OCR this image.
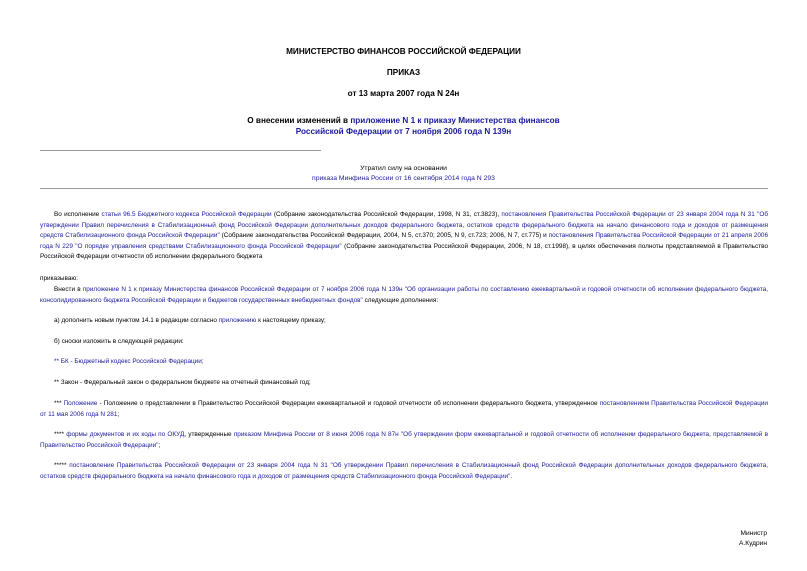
МИНИСТЕРСТВО ФИНАНСОВ РОССИЙСКОЙ ФЕДЕРАЦИИ
ПРИКАЗ
от 13 марта 2007 года N 24н
О внесении изменений в приложение N 1 к приказу Министерства финансов
Российской Федерации от 7 ноября 2006 года N 139н
Утратил силу на основании
приказа Минфина России от 16 сентября 2014 года N 293
Во исполнение статьи 96.5 Бюджетного кодекса Российской Федерации (Собрание законодательства Российской Федерации, 1998, N 31, ст.3823), постановления Правительства Российской Федерации от 23 января 2004 года N 31 "Об утверждении Правил перечисления в Стабилизационный фонд Российской Федерации дополнительных доходов федерального бюджета, остатков средств федерального бюджета на начало финансового года и доходов от размещения средств Стабилизационного фонда Российской Федерации" (Собрание законодательства Российской Федерации, 2004, N 5, ст.370; 2005, N 9, ст.723; 2006, N 7, ст.775) и постановления Правительства Российской Федерации от 21 апреля 2006 года N 229 "О порядке управления средствами Стабилизационного фонда Российской Федерации" (Собрание законодательства Российской Федерации, 2006, N 18, ст.1998), в целях обеспечения полноты представляемой в Правительство Российской Федерации отчетности об исполнении федерального бюджета
приказываю:
Внести в приложение N 1 к приказу Министерства финансов Российской Федерации от 7 ноября 2006 года N 139н "Об организации работы по составлению ежеквартальной и годовой отчетности об исполнении федерального бюджета, консолидированного бюджета Российской Федерации и бюджетов государственных внебюджетных фондов" следующие дополнения:
а) дополнить новым пунктом 14.1 в редакции согласно приложению к настоящему приказу;
б) сноски изложить в следующей редакции:
** БК - Бюджетный кодекс Российской Федерации;
** Закон - Федеральный закон о федеральном бюджете на отчетный финансовый год;
*** Положение - Положение о представлении в Правительство Российской Федерации ежеквартальной и годовой отчетности об исполнении федерального бюджета, утвержденное постановлением Правительства Российской Федерации от 11 мая 2006 года N 281;
**** формы документов и их коды по ОКУД, утвержденные приказом Минфина России от 8 июня 2006 года N 87н "Об утверждении форм ежеквартальной и годовой отчетности об исполнении федерального бюджета, представляемой в Правительство Российской Федерации";
***** постановление Правительства Российской Федерации от 23 января 2004 года N 31 "Об утверждении Правил перечисления в Стабилизационный фонд Российской Федерации дополнительных доходов федерального бюджета, остатков средств федерального бюджета на начало финансового года и доходов от размещения средств Стабилизационного фонда Российской Федерации".
Министр
А.Кудрин
